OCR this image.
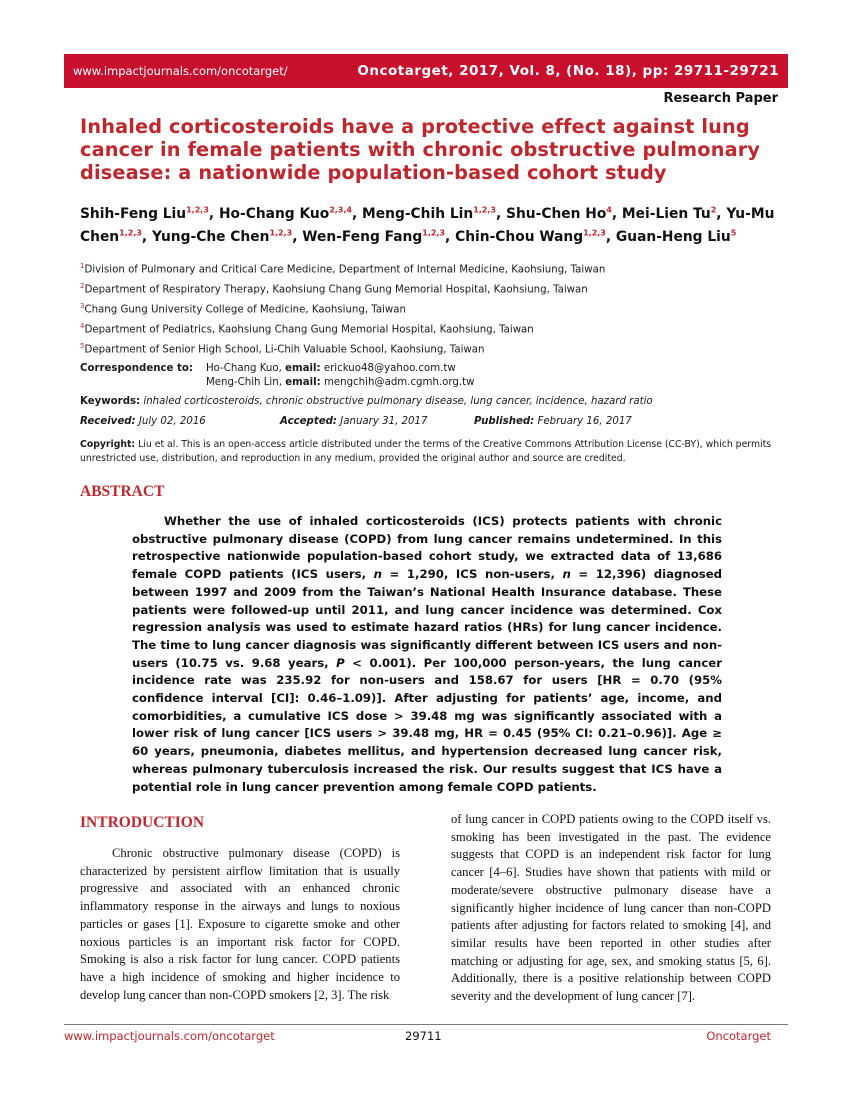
www.impactjournals.com/oncotarget/	Oncotarget, 2017, Vol. 8, (No. 18), pp: 29711-29721
Research Paper
Inhaled corticosteroids have a protective effect against lung cancer in female patients with chronic obstructive pulmonary disease: a nationwide population-based cohort study
Shih-Feng Liu$^{1,2,3}$, Ho-Chang Kuo$^{2,3,4}$, Meng-Chih Lin$^{1,2,3}$, Shu-Chen Ho$^4$, Mei-Lien Tu$^2$, Yu-Mu Chen$^{1,2,3}$, Yung-Che Chen$^{1,2,3}$, Wen-Feng Fang$^{1,2,3}$, Chin-Chou Wang$^{1,2,3}$, Guan-Heng Liu$^5$
$^1$Division of Pulmonary and Critical Care Medicine, Department of Internal Medicine, Kaohsiung, Taiwan
$^2$Department of Respiratory Therapy, Kaohsiung Chang Gung Memorial Hospital, Kaohsiung, Taiwan
$^3$Chang Gung University College of Medicine, Kaohsiung, Taiwan
$^4$Department of Pediatrics, Kaohsiung Chang Gung Memorial Hospital, Kaohsiung, Taiwan
$^5$Department of Senior High School, Li-Chih Valuable School, Kaohsiung, Taiwan
Correspondence to: Ho-Chang Kuo, email: erickuo48@yahoo.com.tw
Meng-Chih Lin, email: mengchih@adm.cgmh.org.tw
Keywords: inhaled corticosteroids, chronic obstructive pulmonary disease, lung cancer, incidence, hazard ratio
Received: July 02, 2016	Accepted: January 31, 2017	Published: February 16, 2017
Copyright: Liu et al. This is an open-access article distributed under the terms of the Creative Commons Attribution License (CC-BY), which permits unrestricted use, distribution, and reproduction in any medium, provided the original author and source are credited.
ABSTRACT

Whether the use of inhaled corticosteroids (ICS) protects patients with chronic obstructive pulmonary disease (COPD) from lung cancer remains undetermined. In this retrospective nationwide population-based cohort study, we extracted data of 13,686 female COPD patients (ICS users, n = 1,290, ICS non-users, n = 12,396) diagnosed between 1997 and 2009 from the Taiwan’s National Health Insurance database. These patients were followed-up until 2011, and lung cancer incidence was determined. Cox regression analysis was used to estimate hazard ratios (HRs) for lung cancer incidence. The time to lung cancer diagnosis was significantly different between ICS users and non-users (10.75 vs. 9.68 years, P < 0.001). Per 100,000 person-years, the lung cancer incidence rate was 235.92 for non-users and 158.67 for users [HR = 0.70 (95% confidence interval [CI]: 0.46–1.09)]. After adjusting for patients’ age, income, and comorbidities, a cumulative ICS dose > 39.48 mg was significantly associated with a lower risk of lung cancer [ICS users > 39.48 mg, HR = 0.45 (95% CI: 0.21–0.96)]. Age ≥ 60 years, pneumonia, diabetes mellitus, and hypertension decreased lung cancer risk, whereas pulmonary tuberculosis increased the risk. Our results suggest that ICS have a potential role in lung cancer prevention among female COPD patients.

INTRODUCTION

Chronic obstructive pulmonary disease (COPD) is characterized by persistent airflow limitation that is usually progressive and associated with an enhanced chronic inflammatory response in the airways and lungs to noxious particles or gases [1]. Exposure to cigarette smoke and other noxious particles is an important risk factor for COPD. Smoking is also a risk factor for lung cancer. COPD patients have a high incidence of smoking and higher incidence to develop lung cancer than non-COPD smokers [2, 3]. The risk

of lung cancer in COPD patients owing to the COPD itself vs. smoking has been investigated in the past. The evidence suggests that COPD is an independent risk factor for lung cancer [4–6]. Studies have shown that patients with mild or moderate/severe obstructive pulmonary disease have a significantly higher incidence of lung cancer than non-COPD patients after adjusting for factors related to smoking [4], and similar results have been reported in other studies after matching or adjusting for age, sex, and smoking status [5, 6]. Additionally, there is a positive relationship between COPD severity and the development of lung cancer [7].

www.impactjournals.com/oncotarget	29711	Oncotarget
